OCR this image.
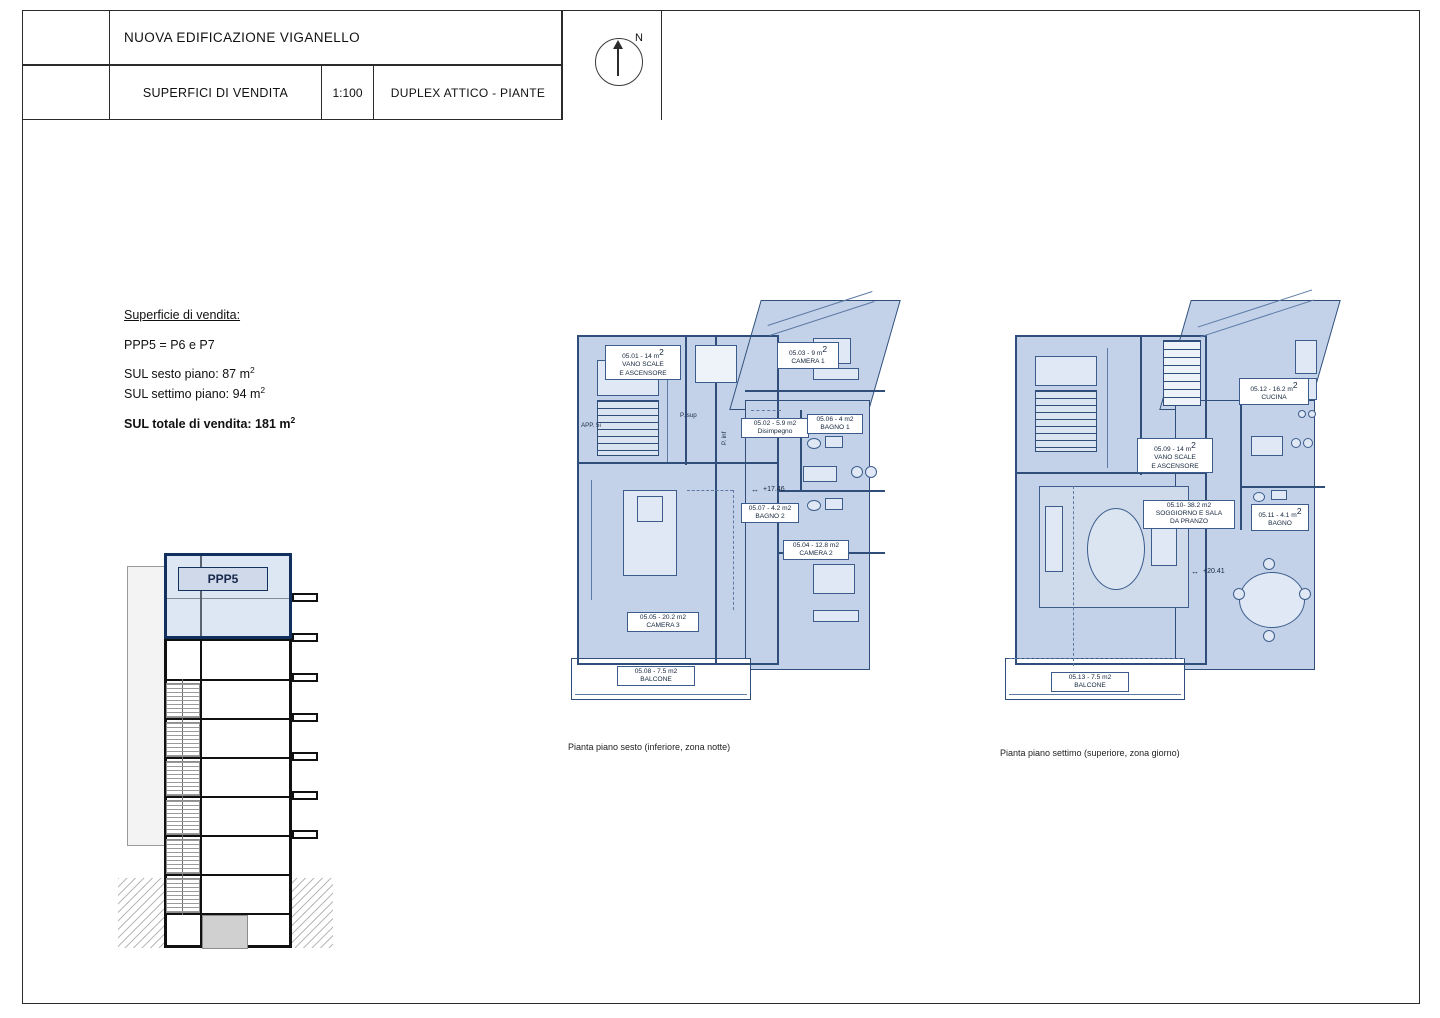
NUOVA EDIFICAZIONE VIGANELLO
SUPERFICI DI VENDITA	1:100	DUPLEX ATTICO - PIANTE
N
Superficie di vendita:
PPP5 = P6 e P7
SUL sesto piano: 87 $m^2$
SUL settimo piano: 94 $m^2$
SUL totale di vendita: 181 $m^2$
PPP5
05.01 - 14 $m^2$
VANO SCALE
E ASCENSORE
05.03 - 9 $m^2$
CAMERA 1
05.02 - 5.9 m2
Disimpegno
05.06 - 4 m2
BAGNO 1
05.07 - 4.2 m2
BAGNO 2
05.04 - 12.8 m2
CAMERA 2
05.05 - 20.2 m2
CAMERA 3
05.08 - 7.5 m2
BALCONE
APP. 5i
P. sup
P. inf
+17.46
↔
Pianta piano sesto (inferiore, zona notte)
05.12 - 16.2 $m^2$
CUCINA
05.09 - 14 $m^2$
VANO SCALE
E ASCENSORE
05.10- 38.2 m2
SOGGIORNO E SALA
DA PRANZO
05.11 - 4.1 $m^2$
BAGNO
05.13 - 7.5 m2
BALCONE
+20.41
↔
Pianta piano settimo (superiore, zona giorno)
